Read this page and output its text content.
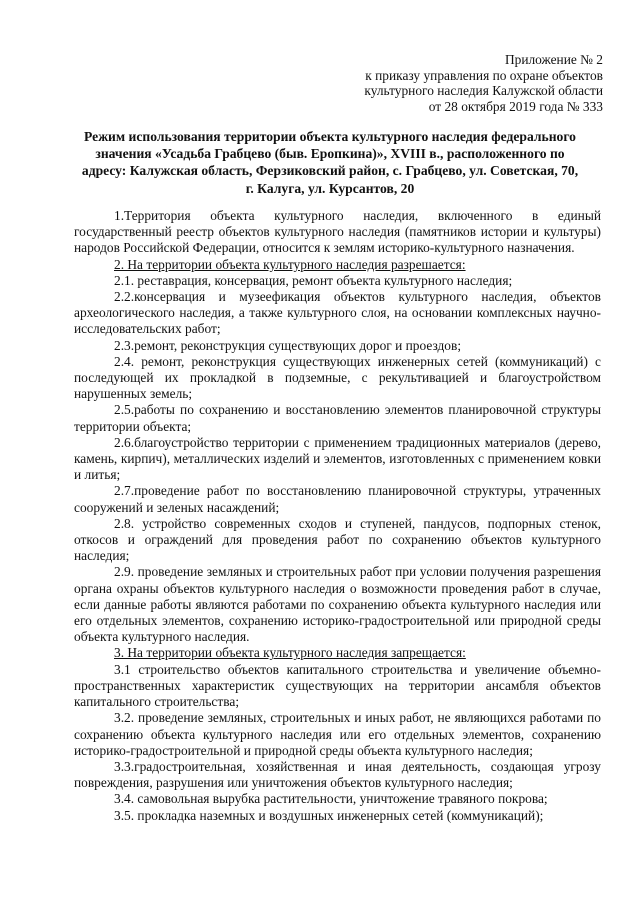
Приложение № 2
к приказу управления по охране объектов
культурного наследия Калужской области
от 28 октября 2019 года № 333
Режим использования территории объекта культурного наследия федерального
значения «Усадьба Грабцево (быв. Еропкина)», XVIII в., расположенного по
адресу: Калужская область, Ферзиковский район, с. Грабцево, ул. Советская, 70,
г. Калуга, ул. Курсантов, 20

1.Территория объекта культурного наследия, включенного в единый государственный реестр объектов культурного наследия (памятников истории и культуры) народов Российской Федерации, относится к землям историко-культурного назначения.

2. На территории объекта культурного наследия разрешается:

2.1. реставрация, консервация, ремонт объекта культурного наследия;

2.2.консервация и музеефикация объектов культурного наследия, объектов археологического наследия, а также культурного слоя, на основании комплексных научно-исследовательских работ;

2.3.ремонт, реконструкция существующих дорог и проездов;

2.4. ремонт, реконструкция существующих инженерных сетей (коммуникаций) с последующей их прокладкой в подземные, с рекультивацией и благоустройством нарушенных земель;

2.5.работы по сохранению и восстановлению элементов планировочной структуры территории объекта;

2.6.благоустройство территории с применением традиционных материалов (дерево, камень, кирпич), металлических изделий и элементов, изготовленных с применением ковки и литья;

2.7.проведение работ по восстановлению планировочной структуры, утраченных сооружений и зеленых насаждений;

2.8. устройство современных сходов и ступеней, пандусов, подпорных стенок, откосов и ограждений для проведения работ по сохранению объектов культурного наследия;

2.9. проведение земляных и строительных работ при условии получения разрешения органа охраны объектов культурного наследия о возможности проведения работ в случае, если данные работы являются работами по сохранению объекта культурного наследия или его отдельных элементов, сохранению историко-градостроительной или природной среды объекта культурного наследия.

3. На территории объекта культурного наследия запрещается:

3.1 строительство объектов капитального строительства и увеличение объемно-пространственных характеристик существующих на территории ансамбля объектов капитального строительства;

3.2. проведение земляных, строительных и иных работ, не являющихся работами по сохранению объекта культурного наследия или его отдельных элементов, сохранению историко-градостроительной и природной среды объекта культурного наследия;

3.3.градостроительная, хозяйственная и иная деятельность, создающая угрозу повреждения, разрушения или уничтожения объектов культурного наследия;

3.4. самовольная вырубка растительности, уничтожение травяного покрова;

3.5. прокладка наземных и воздушных инженерных сетей (коммуникаций);
